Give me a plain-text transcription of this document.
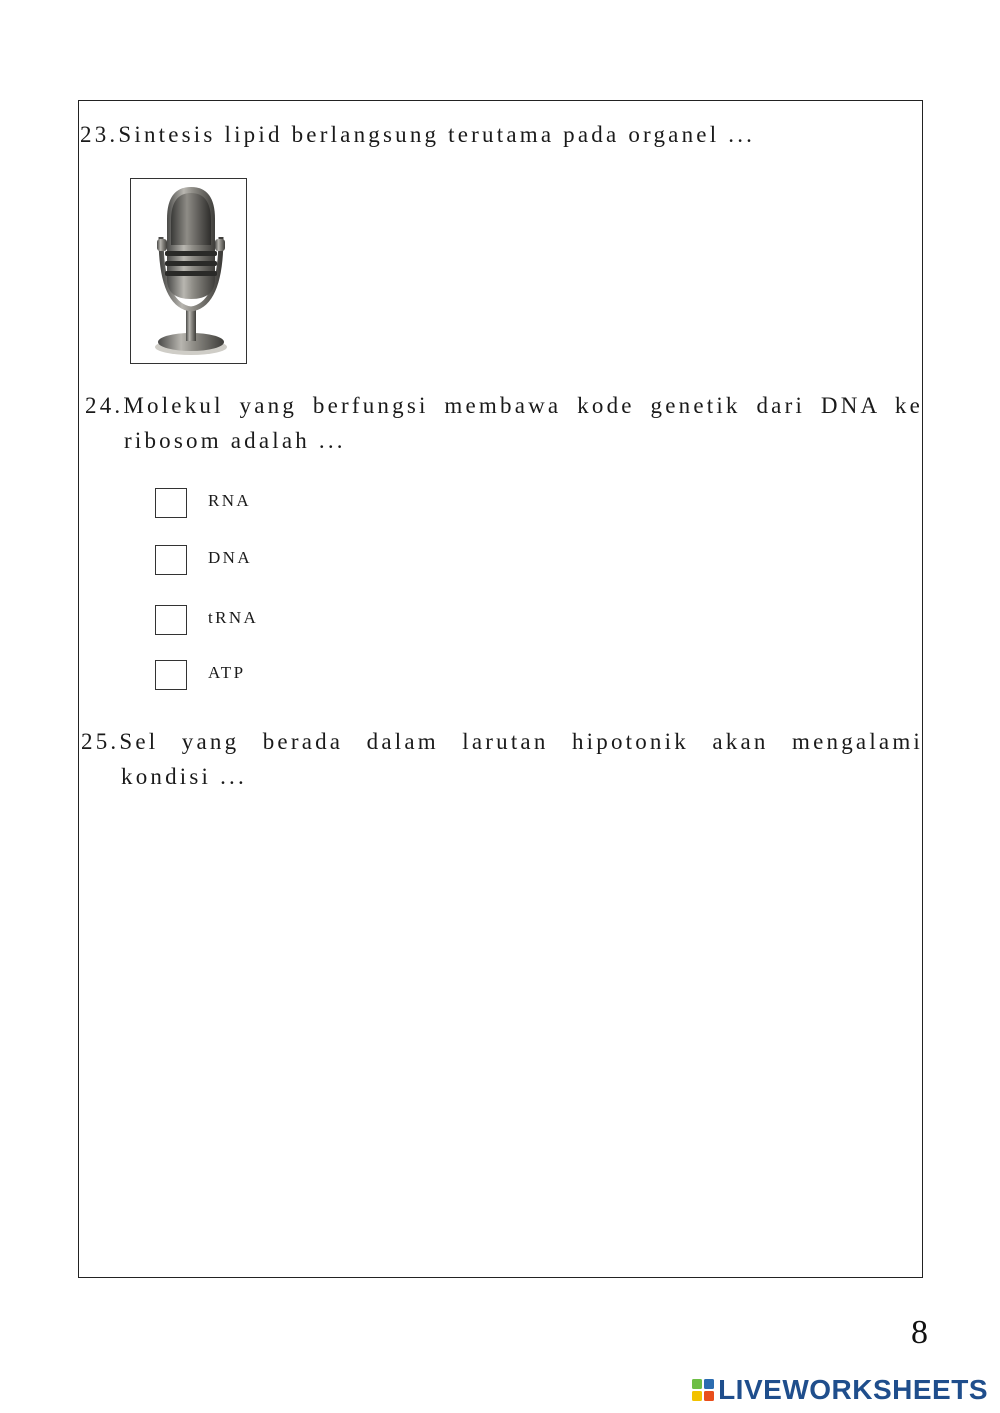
23.Sintesis lipid berlangsung terutama pada organel ...
24.Molekul yang berfungsi membawa kode genetik dari DNA ke
ribosom adalah ...
RNA
DNA
tRNA
ATP
25.Sel yang berada dalam larutan hipotonik akan mengalami
kondisi ...
8
LIVEWORKSHEETS
